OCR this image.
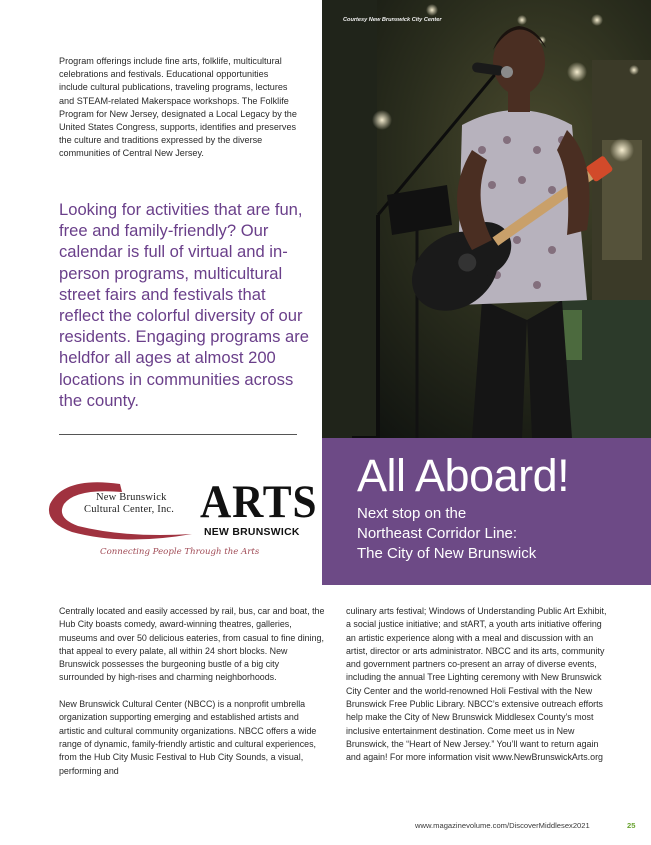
Program offerings include fine arts, folklife, multicultural celebrations and festivals. Educational opportunities include cultural publications, traveling programs, lectures and STEAM-related Makerspace workshops. The Folklife Program for New Jersey, designated a Local Legacy by the United States Congress, supports, identifies and preserves the culture and traditions expressed by the diverse communities of Central New Jersey.
Looking for activities that are fun, free and family-friendly? Our calendar is full of virtual and in-person programs, multicultural street fairs and festivals that reflect the colorful diversity of our residents. Engaging programs are heldfor all ages at almost 200 locations in communities across the county.
Courtesy New Brunswick City Center
All Aboard!
Next stop on the
Northeast Corridor Line:
The City of New Brunswick
New Brunswick
Cultural Center, Inc. ARTS
NEW BRUNSWICK
Connecting People Through the Arts

Centrally located and easily accessed by rail, bus, car and boat, the Hub City boasts comedy, award-winning theatres, galleries, museums and over 50 delicious eateries, from casual to fine dining, that appeal to every palate, all within 24 short blocks. New Brunswick possesses the burgeoning bustle of a big city surrounded by high-rises and charming neighborhoods.

New Brunswick Cultural Center (NBCC) is a nonprofit umbrella organization supporting emerging and established artists and artistic and cultural community organizations. NBCC offers a wide range of dynamic, family-friendly artistic and cultural experiences, from the Hub City Music Festival to Hub City Sounds, a visual, performing and

culinary arts festival; Windows of Understanding Public Art Exhibit, a social justice initiative; and stART, a youth arts initiative offering an artistic experience along with a meal and discussion with an artist, director or arts administrator. NBCC and its arts, community and government partners co-present an array of diverse events, including the annual Tree Lighting ceremony with New Brunswick City Center and the world-renowned Holi Festival with the New Brunswick Free Public Library. NBCC’s extensive outreach efforts help make the City of New Brunswick Middlesex County’s most inclusive entertainment destination. Come meet us in New Brunswick, the “Heart of New Jersey.” You’ll want to return again and again! For more information visit www.NewBrunswickArts.org

www.magazinevolume.com/DiscoverMiddlesex2021	25
